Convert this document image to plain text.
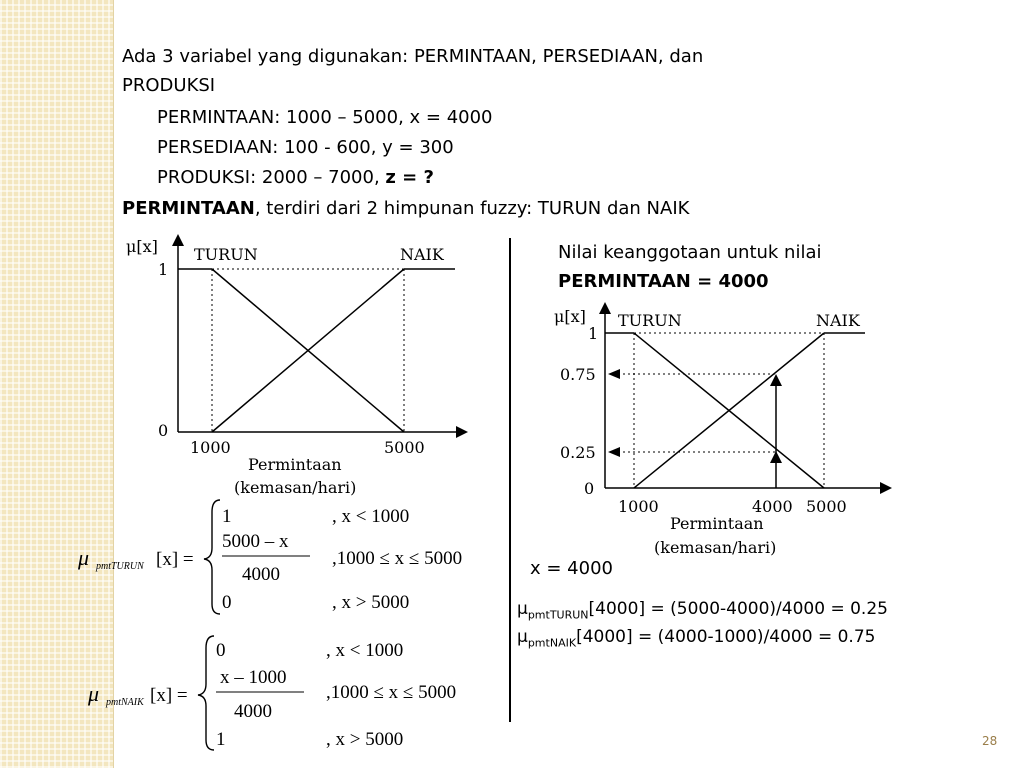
Ada 3 variabel yang digunakan: PERMINTAAN, PERSEDIAAN, dan
PRODUKSI
PERMINTAAN: 1000 – 5000, x = 4000
PERSEDIAAN: 100 - 600, y = 300
PRODUKSI: 2000 – 7000, z = ?
PERMINTAAN, terdiri dari 2 himpunan fuzzy: TURUN dan NAIK
μ[x] TURUN	NAIK
1
0
1000	5000
Permintaan
(kemasan/hari)
Nilai keanggotaan untuk nilai
PERMINTAAN = 4000
μ[x] TURUN	NAIK
1
0.75
0.25
0
1000	4000 5000
Permintaan
(kemasan/hari)
μ pmtTURUN [x] =
1	, x < 1000
5000 – x
4000
,1000 ≤ x ≤ 5000
0	, x > 5000
μ pmtNAIK [x] =
0	, x < 1000
x – 1000
4000
,1000 ≤ x ≤ 5000
1	, x > 5000
x = 4000
$\mu_{pmtTURUN}[4000] = (5000-4000)/4000 = 0.25$
$\mu_{pmtNAIK}[4000] = (4000-1000)/4000 = 0.75$
28
